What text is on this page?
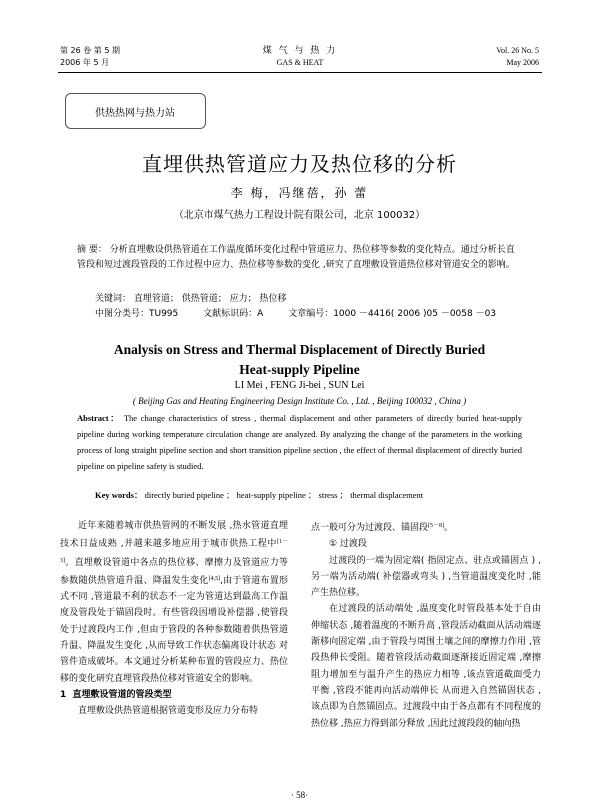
第 26 卷 第 5 期
2006 年 5 月
煤 气 与 热 力
GAS & HEAT
Vol. 26 No. 5
May 2006
供热热网与热力站
直埋供热管道应力及热位移的分析
李 梅，冯继蓓，孙 蕾
（北京市煤气热力工程设计院有限公司，北京 100032）
摘 要： 分析直埋敷设供热管道在工作温度循环变化过程中管道应力、热位移等参数的变化特点。通过分析长直管段和短过渡段管段的工作过程中应力、热位移等参数的变化 ,研究了直埋敷设管道热位移对管道安全的影响。
关键词： 直埋管道； 供热管道； 应力； 热位移
中图分类号：TU995	文献标识码：A	文章编号：1000 －4416( 2006 )05 －0058 －03
Analysis on Stress and Thermal Displacement of Directly Buried
Heat-supply Pipeline
LI Mei , FENG Ji-bei , SUN Lei
( Beijing Gas and Heating Engineering Design Institute Co. , Ltd. , Beijing 100032 , China )
Abstract： The change characteristics of stress , thermal displacement and other parameters of directly buried heat-supply pipeline during working temperature circulation change are analyzed. By analyzing the change of the parameters in the working process of long straight pipeline section and short transition pipeline section , the effect of thermal displacement of directly buried pipeline on pipeline safety is studied.
Key words： directly buried pipeline ； heat-supply pipeline ； stress ； thermal displacement

近年来随着城市供热管网的不断发展 ,热水管道直埋技术日益成熟 ,并越来越多地应用于城市供热工程中[1－3]。直埋敷设管道中各点的热位移、摩擦力及管道应力等参数随供热管道升温、降温发生变化[4,5],由于管道布置形式不同 ,管道最不利的状态不一定为管道达到最高工作温度及管段处于锚固段时。有些管段因增设补偿器 ,使管段处于过渡段内工作 ,但由于管段的各种参数随着供热管道升温、降温发生变化 ,从而导致工作状态偏离设计状态 对管件造成破坏。本文通过分析某种布置的管段应力、热位移的变化研究直埋管段热位移对管道安全的影响。

1 直埋敷设管道的管段类型

直埋敷设供热管道根据管道变形及应力分布特

点一般可分为过渡段、锚固段[5－8]。

① 过渡段

过渡段的一端为固定端( 指固定点、驻点或锚固点 ) ,另一端为活动端( 补偿器或弯头 ) ,当管道温度变化时 ,能产生热位移。

在过渡段的活动端处 ,温度变化时管段基本处于自由伸缩状态 ,随着温度的不断升高 ,管段活动截面从活动端逐渐移向固定端 ,由于管段与周围土壤之间的摩擦力作用 ,管段热伸长受阻。随着管段活动截面逐渐接近固定端 ,摩擦阻力增加至与温升产生的热应力相等 ,该点管道截面受力平衡 ,管段不能再向活动端伸长 从而进入自然锚固状态 ,该点即为自然锚固点。过渡段中由于各点都有不同程度的热位移 ,热应力得到部分释放 ,因此过渡段段的轴向热

· 58·
